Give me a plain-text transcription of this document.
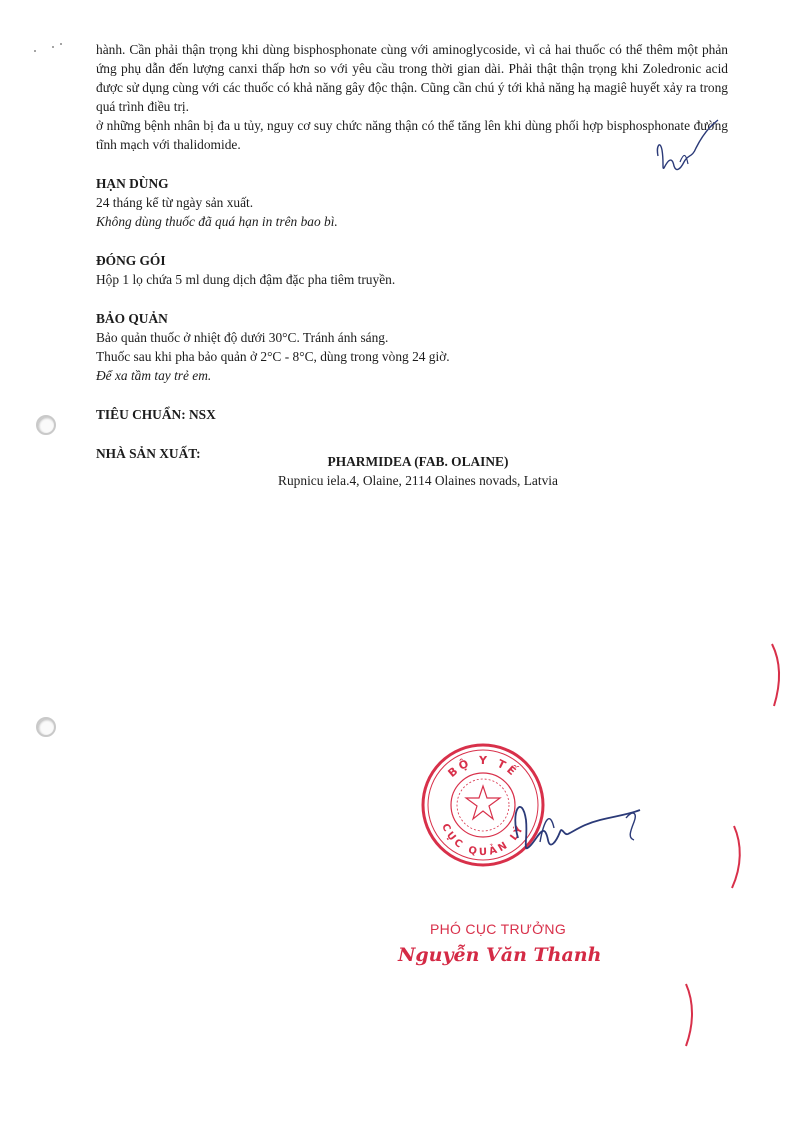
hành. Cần phải thận trọng khi dùng bisphosphonate cùng với aminoglycoside, vì cả hai thuốc có thể thêm một phản ứng phụ dẫn đến lượng canxi thấp hơn so với yêu cầu trong thời gian dài. Phải thật thận trọng khi Zoledronic acid được sử dụng cùng với các thuốc có khả năng gây độc thận. Cũng cần chú ý tới khả năng hạ magiê huyết xảy ra trong quá trình điều trị.

ở những bệnh nhân bị đa u tủy, nguy cơ suy chức năng thận có thể tăng lên khi dùng phối hợp bisphosphonate đường tĩnh mạch với thalidomide.

HẠN DÙNG

24 tháng kể từ ngày sản xuất.

Không dùng thuốc đã quá hạn in trên bao bì.

ĐÓNG GÓI

Hộp 1 lọ chứa 5 ml dung dịch đậm đặc pha tiêm truyền.

BẢO QUẢN

Bảo quản thuốc ở nhiệt độ dưới 30°C. Tránh ánh sáng.

Thuốc sau khi pha bảo quản ở 2°C - 8°C, dùng trong vòng 24 giờ.

Để xa tầm tay trẻ em.

TIÊU CHUẨN: NSX

NHÀ SẢN XUẤT:

PHARMIDEA (FAB. OLAINE)

Rupnicu iela.4, Olaine, 2114 Olaines novads, Latvia

BỘ Y TẾ
CỤC QUẢN LÝ
PHÓ CỤC TRƯỞNG
Nguyễn Văn Thanh
